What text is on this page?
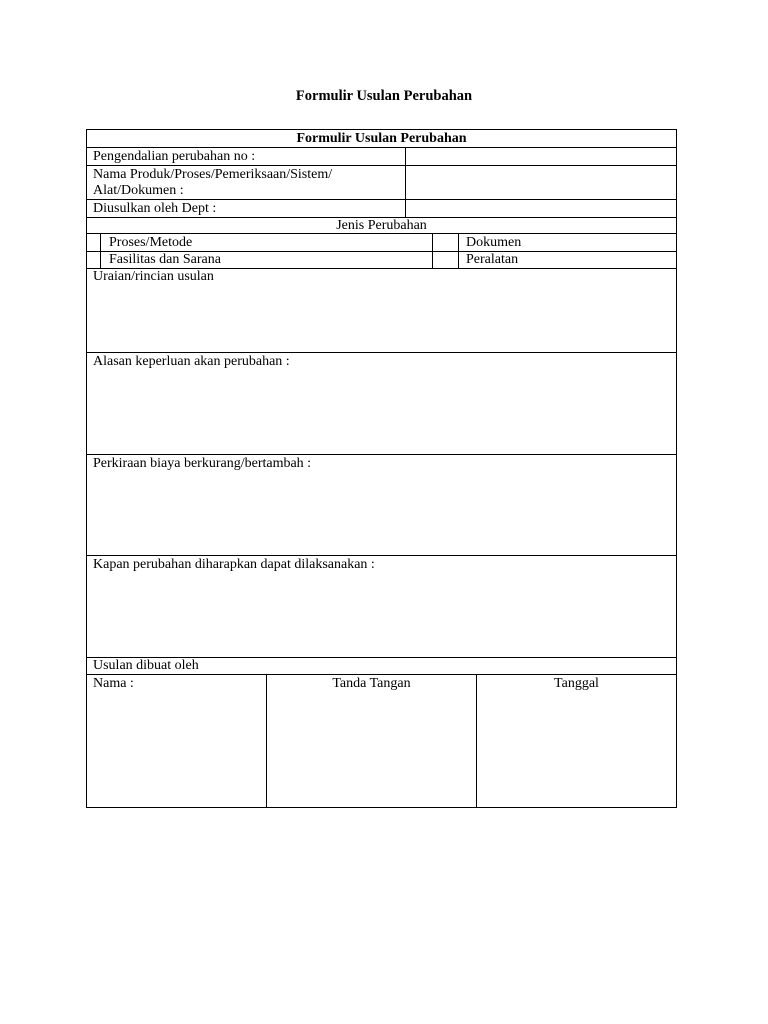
Formulir Usulan Perubahan
Formulir Usulan Perubahan
Pengendalian perubahan no :
Nama Produk/Proses/Pemeriksaan/Sistem/
Alat/Dokumen :
Diusulkan oleh Dept :
Jenis Perubahan
Proses/Metode	Dokumen
Fasilitas dan Sarana	Peralatan
Uraian/rincian usulan
Alasan keperluan akan perubahan :
Perkiraan biaya berkurang/bertambah :
Kapan perubahan diharapkan dapat dilaksanakan :
Usulan dibuat oleh
Nama :	Tanda Tangan	Tanggal
